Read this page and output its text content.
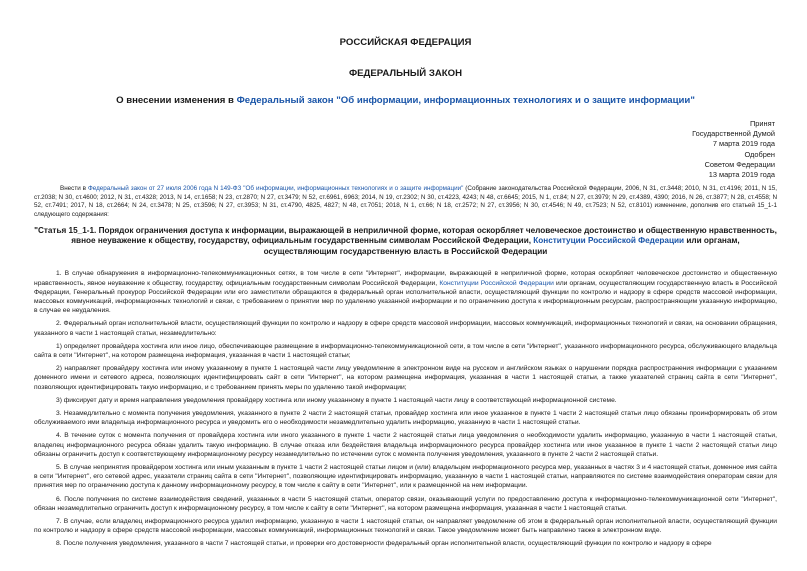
РОССИЙСКАЯ ФЕДЕРАЦИЯ
ФЕДЕРАЛЬНЫЙ ЗАКОН
О внесении изменения в Федеральный закон "Об информации, информационных технологиях и о защите информации"
Принят
Государственной Думой
7 марта 2019 года
Одобрен
Советом Федерации
13 марта 2019 года
Внести в Федеральный закон от 27 июля 2006 года N 149-ФЗ "Об информации, информационных технологиях и о защите информации" (Собрание законодательства Российской Федерации, 2006, N 31, ст.3448; 2010, N 31, ст.4196; 2011, N 15, ст.2038; N 30, ст.4600; 2012, N 31, ст.4328; 2013, N 14, ст.1658; N 23, ст.2870; N 27, ст.3479; N 52, ст.6961, 6963; 2014, N 19, ст.2302; N 30, ст.4223, 4243; N 48, ст.6645; 2015, N 1, ст.84; N 27, ст.3979; N 29, ст.4389, 4390; 2016, N 26, ст.3877; N 28, ст.4558; N 52, ст.7491; 2017, N 18, ст.2664; N 24, ст.3478; N 25, ст.3596; N 27, ст.3953; N 31, ст.4790, 4825, 4827; N 48, ст.7051; 2018, N 1, ст.66; N 18, ст.2572; N 27, ст.3956; N 30, ст.4546; N 49, ст.7523; N 52, ст.8101) изменение, дополнив его статьей 15_1-1 следующего содержания:
"Статья 15_1-1. Порядок ограничения доступа к информации, выражающей в неприличной форме, которая оскорбляет человеческое достоинство и общественную нравственность, явное неуважение к обществу, государству, официальным государственным символам Российской Федерации, Конституции Российской Федерации или органам, осуществляющим государственную власть в Российской Федерации

1. В случае обнаружения в информационно-телекоммуникационных сетях, в том числе в сети "Интернет", информации, выражающей в неприличной форме, которая оскорбляет человеческое достоинство и общественную нравственность, явное неуважение к обществу, государству, официальным государственным символам Российской Федерации, Конституции Российской Федерации или органам, осуществляющим государственную власть в Российской Федерации, Генеральный прокурор Российской Федерации или его заместители обращаются в федеральный орган исполнительной власти, осуществляющий функции по контролю и надзору в сфере средств массовой информации, массовых коммуникаций, информационных технологий и связи, с требованием о принятии мер по удалению указанной информации и по ограничению доступа к информационным ресурсам, распространяющим указанную информацию, в случае ее неудаления.

2. Федеральный орган исполнительной власти, осуществляющий функции по контролю и надзору в сфере средств массовой информации, массовых коммуникаций, информационных технологий и связи, на основании обращения, указанного в части 1 настоящей статьи, незамедлительно:

1) определяет провайдера хостинга или иное лицо, обеспечивающее размещение в информационно-телекоммуникационной сети, в том числе в сети "Интернет", указанного информационного ресурса, обслуживающего владельца сайта в сети "Интернет", на котором размещена информация, указанная в части 1 настоящей статьи;

2) направляет провайдеру хостинга или иному указанному в пункте 1 настоящей части лицу уведомление в электронном виде на русском и английском языках о нарушении порядка распространения информации с указанием доменного имени и сетевого адреса, позволяющих идентифицировать сайт в сети "Интернет", на котором размещена информация, указанная в части 1 настоящей статьи, а также указателей страниц сайта в сети "Интернет", позволяющих идентифицировать такую информацию, и с требованием принять меры по удалению такой информации;

3) фиксирует дату и время направления уведомления провайдеру хостинга или иному указанному в пункте 1 настоящей части лицу в соответствующей информационной системе.

3. Незамедлительно с момента получения уведомления, указанного в пункте 2 части 2 настоящей статьи, провайдер хостинга или иное указанное в пункте 1 части 2 настоящей статьи лицо обязаны проинформировать об этом обслуживаемого ими владельца информационного ресурса и уведомить его о необходимости незамедлительно удалить информацию, указанную в части 1 настоящей статьи.

4. В течение суток с момента получения от провайдера хостинга или иного указанного в пункте 1 части 2 настоящей статьи лица уведомления о необходимости удалить информацию, указанную в части 1 настоящей статьи, владелец информационного ресурса обязан удалить такую информацию. В случае отказа или бездействия владельца информационного ресурса провайдер хостинга или иное указанное в пункте 1 части 2 настоящей статьи лицо обязаны ограничить доступ к соответствующему информационному ресурсу незамедлительно по истечении суток с момента получения уведомления, указанного в пункте 2 части 2 настоящей статьи.

5. В случае непринятия провайдером хостинга или иным указанным в пункте 1 части 2 настоящей статьи лицом и (или) владельцем информационного ресурса мер, указанных в частях 3 и 4 настоящей статьи, доменное имя сайта в сети "Интернет", его сетевой адрес, указатели страниц сайта в сети "Интернет", позволяющие идентифицировать информацию, указанную в части 1 настоящей статьи, направляются по системе взаимодействия операторам связи для принятия мер по ограничению доступа к данному информационному ресурсу, в том числе к сайту в сети "Интернет", или к размещенной на нем информации.

6. После получения по системе взаимодействия сведений, указанных в части 5 настоящей статьи, оператор связи, оказывающий услуги по предоставлению доступа к информационно-телекоммуникационной сети "Интернет", обязан незамедлительно ограничить доступ к информационному ресурсу, в том числе к сайту в сети "Интернет", на котором размещена информация, указанная в части 1 настоящей статьи.

7. В случае, если владелец информационного ресурса удалил информацию, указанную в части 1 настоящей статьи, он направляет уведомление об этом в федеральный орган исполнительной власти, осуществляющий функции по контролю и надзору в сфере средств массовой информации, массовых коммуникаций, информационных технологий и связи. Такое уведомление может быть направлено также в электронном виде.

8. После получения уведомления, указанного в части 7 настоящей статьи, и проверки его достоверности федеральный орган исполнительной власти, осуществляющий функции по контролю и надзору в сфере
